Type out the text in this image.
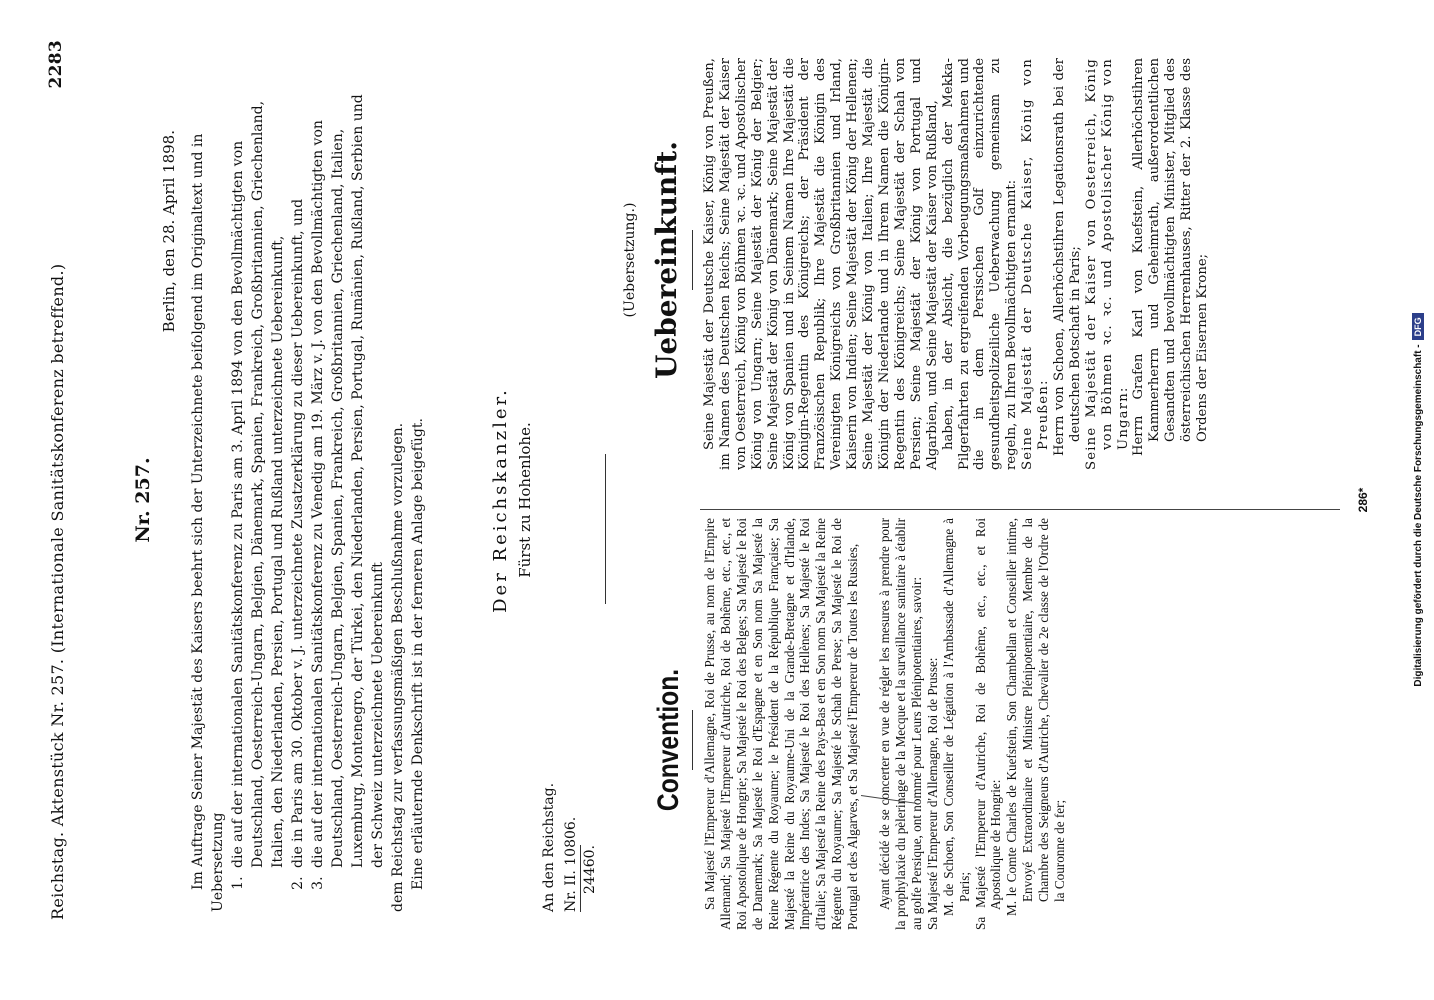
Reichstag. Aktenstück Nr. 257. (Internationale Sanitätskonferenz betreffend.)
2283
Nr. 257.
Berlin, den 28. April 1898. Im Auftrage Seiner Majestät des Kaisers beehrt sich der Unterzeichnete beifolgend im Originaltext und in Uebersetzung 1. die auf der internationalen Sanitätskonferenz zu Paris am 3. April 1894 von den Bevollmächtigten von Deutschland, Oesterreich-Ungarn, Belgien, Dänemark, Spanien, Frankreich, Großbritannien, Griechenland, Italien, den Niederlanden, Persien, Portugal und Rußland unterzeichnete Uebereinkunft, 2. die in Paris am 30. Oktober v. J. unterzeichnete Zusatzerklärung zu dieser Uebereinkunft, und 3. die auf der internationalen Sanitätskonferenz zu Venedig am 19. März v. J. von den Bevollmächtigten von Deutschland, Oesterreich-Ungarn, Belgien, Spanien, Frankreich, Großbritannien, Griechenland, Italien, Luxemburg, Montenegro, der Türkei, den Niederlanden, Persien, Portugal, Rumänien, Rußland, Serbien und der Schweiz unterzeichnete Uebereinkunft dem Reichstag zur verfassungsmäßigen Beschlußnahme vorzulegen. Eine erläuternde Denkschrift ist in der ferneren Anlage beigefügt.	Der Reichskanzler. Fürst zu Hohenlohe.
An den Reichstag. Nr. II. 10806. 24460.
(Uebersetzung.)
Convention.
Uebereinkunft.

Sa Majesté l'Empereur d'Allemagne, Roi de Prusse, au nom de l'Empire Allemand; Sa Majesté l'Empereur d'Autriche, Roi de Bohême, etc., etc., et Roi Apostolique de Hongrie; Sa Majesté le Roi des Belges; Sa Majesté le Roi de Danemark; Sa Majesté le Roi d'Espagne et en Son nom Sa Majesté la Reine Régente du Royaume; le Président de la République Française; Sa Majesté la Reine du Royaume-Uni de la Grande-Bretagne et d'Irlande, Impératrice des Indes; Sa Majesté le Roi des Hellènes; Sa Majesté le Roi d'Italie; Sa Majesté la Reine des Pays-Bas et en Son nom Sa Majesté la Reine Régente du Royaume; Sa Majesté le Schah de Perse; Sa Majesté le Roi de Portugal et des Algarves, et Sa Majesté l'Empereur de Toutes les Russies, Ayant décidé de se concerter en vue de régler les mesures à prendre pour la prophylaxie du pèlerinage de la Mecque et la surveillance sanitaire à établir au golfe Persique, ont nommé pour Leurs Plénipotentiaires, savoir: Sa Majesté l'Empereur d'Allemagne, Roi de Prusse: M. de Schoen, Son Conseiller de Légation à l'Ambassade d'Allemagne à Paris; Sa Majesté l'Empereur d'Autriche, Roi de Bohême, etc., etc., et Roi Apostolique de Hongrie: M. le Comte Charles de Kuefstein, Son Chambellan et Conseiller intime, Envoyé Extraordinaire et Ministre Plénipotentiaire, Membre de la Chambre des Seigneurs d'Autriche, Chevalier de 2e classe de l'Ordre de la Couronne de fer;

Seine Majestät der Deutsche Kaiser, König von Preußen, im Namen des Deutschen Reichs; Seine Majestät der Kaiser von Oesterreich, König von Böhmen ꝛc. ꝛc. und Apostolischer König von Ungarn; Seine Majestät der König der Belgier; Seine Majestät der König von Dänemark; Seine Majestät der König von Spanien und in Seinem Namen Ihre Majestät die Königin-Regentin des Königreichs; der Präsident der Französischen Republik; Ihre Majestät die Königin des Vereinigten Königreichs von Großbritannien und Irland, Kaiserin von Indien; Seine Majestät der König der Hellenen; Seine Majestät der König von Italien; Ihre Majestät die Königin der Niederlande und in Ihrem Namen die Königin-Regentin des Königreichs; Seine Majestät der Schah von Persien; Seine Majestät der König von Portugal und Algarbien, und Seine Majestät der Kaiser von Rußland, haben, in der Absicht, die bezüglich der Mekka-Pilgerfahrten zu ergreifenden Vorbeugungsmaßnahmen und die in dem Persischen Golf einzurichtende gesundheitspolizeiliche Ueberwachung gemeinsam zu regeln, zu Ihren Bevollmächtigten ernannt: Seine Majestät der Deutsche Kaiser, König von Preußen: Herrn von Schoen, Allerhöchstihren Legationsrath bei der deutschen Botschaft in Paris; Seine Majestät der Kaiser von Oesterreich, König von Böhmen ꝛc. ꝛc. und Apostolischer König von Ungarn: Herrn Grafen Karl von Kuefstein, Allerhöchstihren Kammerherrn und Geheimrath, außerordentlichen Gesandten und bevollmächtigten Minister, Mitglied des österreichischen Herrenhauses, Ritter der 2. Klasse des Ordens der Eisernen Krone;

286*	Digitalisierung gefördert durch die Deutsche Forschungsgemeinschaft -DFG
